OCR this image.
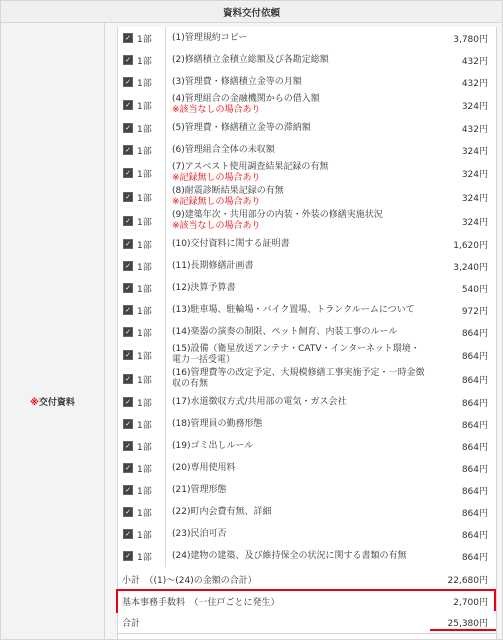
資料交付依頼
※交付資料
✓ 1部 (1)管理規約コピー	3,780円
✓ 1部 (2)修繕積立金積立総額及び各勘定総額	432円
✓ 1部 (3)管理費・修繕積立金等の月額	432円
✓ 1部
(4)管理組合の金融機関からの借入額
※該当なしの場合あり	324円
✓ 1部 (5)管理費・修繕積立金等の滞納額	432円
✓ 1部 (6)管理組合全体の未収額	324円
✓ 1部
(7)アスベスト使用調査結果記録の有無
※記録無しの場合あり	324円
✓ 1部
(8)耐震診断結果記録の有無
※記録無しの場合あり	324円
✓ 1部
(9)建築年次・共用部分の内装・外装の修繕実施状況
※該当なしの場合あり	324円
✓ 1部 (10)交付資料に関する証明書	1,620円
✓ 1部 (11)長期修繕計画書	3,240円
✓ 1部 (12)決算予算書	540円
✓ 1部 (13)駐車場、駐輪場・バイク置場、トランクルームについて	972円
✓ 1部 (14)楽器の演奏の制限、ペット飼育、内装工事のルール	864円
✓ 1部
(15)設備（衛星放送アンテナ・CATV・インターネット環境・電力一括受電）	864円
✓ 1部
(16)管理費等の改定予定、大規模修繕工事実施予定・一時金徴収の有無	864円
✓ 1部 (17)水道徴収方式/共用部の電気・ガス会社	864円
✓ 1部 (18)管理員の勤務形態	864円
✓ 1部 (19)ゴミ出しルール	864円
✓ 1部 (20)専用使用料	864円
✓ 1部 (21)管理形態	864円
✓ 1部 (22)町内会費有無、詳細	864円
✓ 1部 (23)民泊可否	864円
✓ 1部 (24)建物の建築、及び維持保全の状況に関する書類の有無	864円
小計　（(1)～(24)の金額の合計）	22,680円
基本事務手数料　（一住戸ごとに発生）	2,700円
合計	25,380円
